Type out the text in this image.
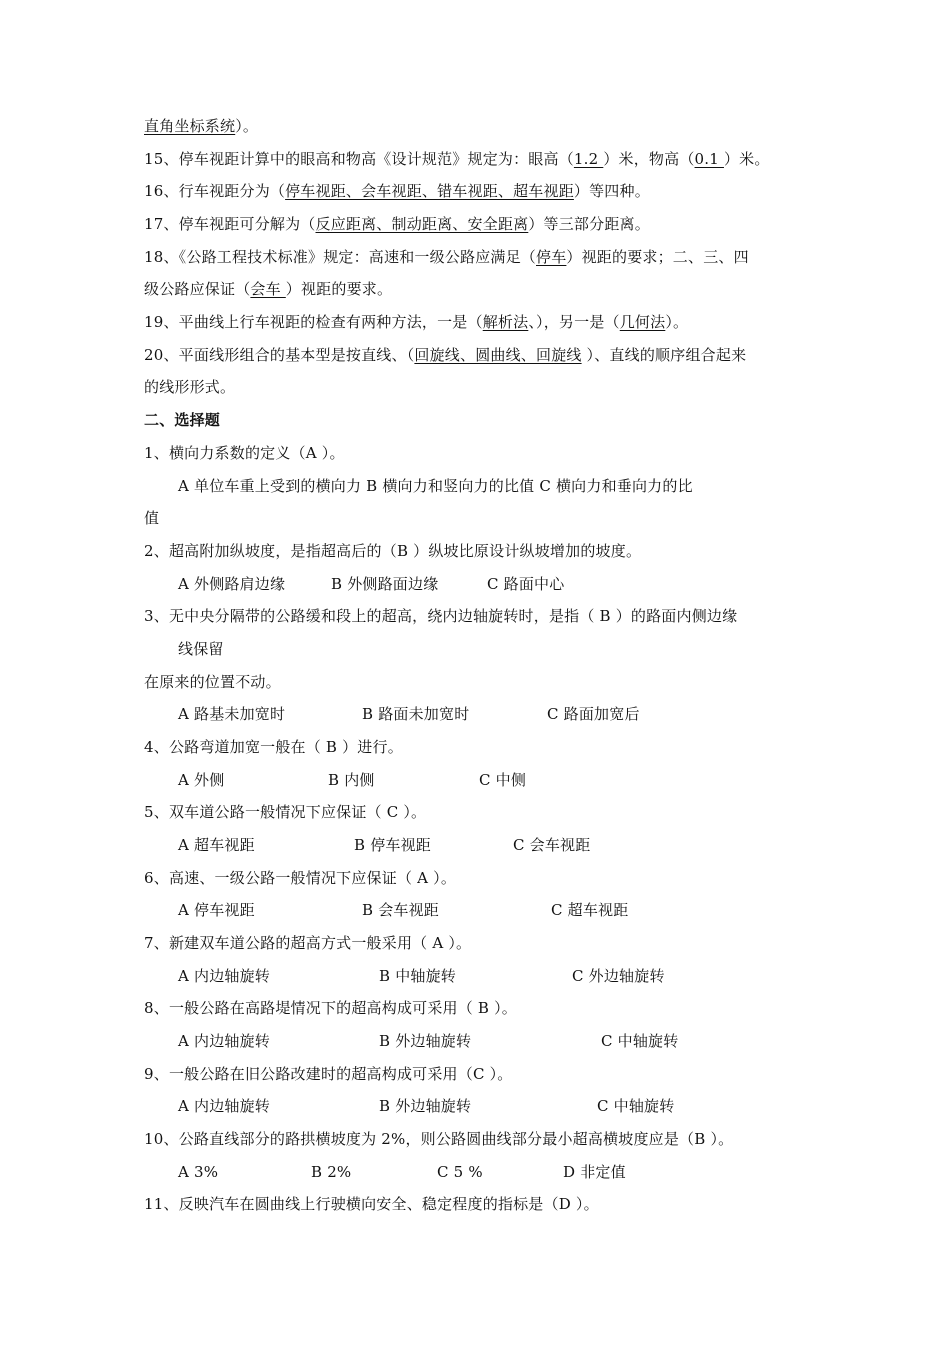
直角坐标系统）。
15、停车视距计算中的眼高和物高《设计规范》规定为：眼高（1.2 ）米，物高（0.1 ）米。
16、行车视距分为（停车视距、会车视距、错车视距、超车视距）等四种。
17、停车视距可分解为（反应距离、制动距离、安全距离）等三部分距离。
18、《公路工程技术标准》规定：高速和一级公路应满足（停车）视距的要求；二、三、四
级公路应保证（会车 ）视距的要求。
19、平曲线上行车视距的检查有两种方法，一是（解析法、），另一是（几何法）。
20、平面线形组合的基本型是按直线、（回旋线、圆曲线、回旋线 ）、直线的顺序组合起来
的线形形式。
二、选择题
1、横向力系数的定义（A ）。
A 单位车重上受到的横向力 B 横向力和竖向力的比值 C 横向力和垂向力的比
值
2、超高附加纵坡度，是指超高后的（B ）纵坡比原设计纵坡增加的坡度。
A 外侧路肩边缘	B 外侧路面边缘	C 路面中心
3、无中央分隔带的公路缓和段上的超高，绕内边轴旋转时，是指（ B ）的路面内侧边缘
线保留
在原来的位置不动。
A 路基未加宽时	B 路面未加宽时	C 路面加宽后
4、公路弯道加宽一般在（ B ）进行。
A 外侧	B 内侧	C 中侧
5、双车道公路一般情况下应保证（ C ）。
A 超车视距	B 停车视距	C 会车视距
6、高速、一级公路一般情况下应保证（ A ）。
A 停车视距	B 会车视距	C 超车视距
7、新建双车道公路的超高方式一般采用（ A ）。
A 内边轴旋转	B 中轴旋转	C 外边轴旋转
8、一般公路在高路堤情况下的超高构成可采用（ B ）。
A 内边轴旋转	B 外边轴旋转	C 中轴旋转
9、一般公路在旧公路改建时的超高构成可采用（C ）。
A 内边轴旋转	B 外边轴旋转	C 中轴旋转
10、公路直线部分的路拱横坡度为 2%，则公路圆曲线部分最小超高横坡度应是（B ）。
A 3%	B 2%	C 5 %	D 非定值
11、反映汽车在圆曲线上行驶横向安全、稳定程度的指标是（D ）。
